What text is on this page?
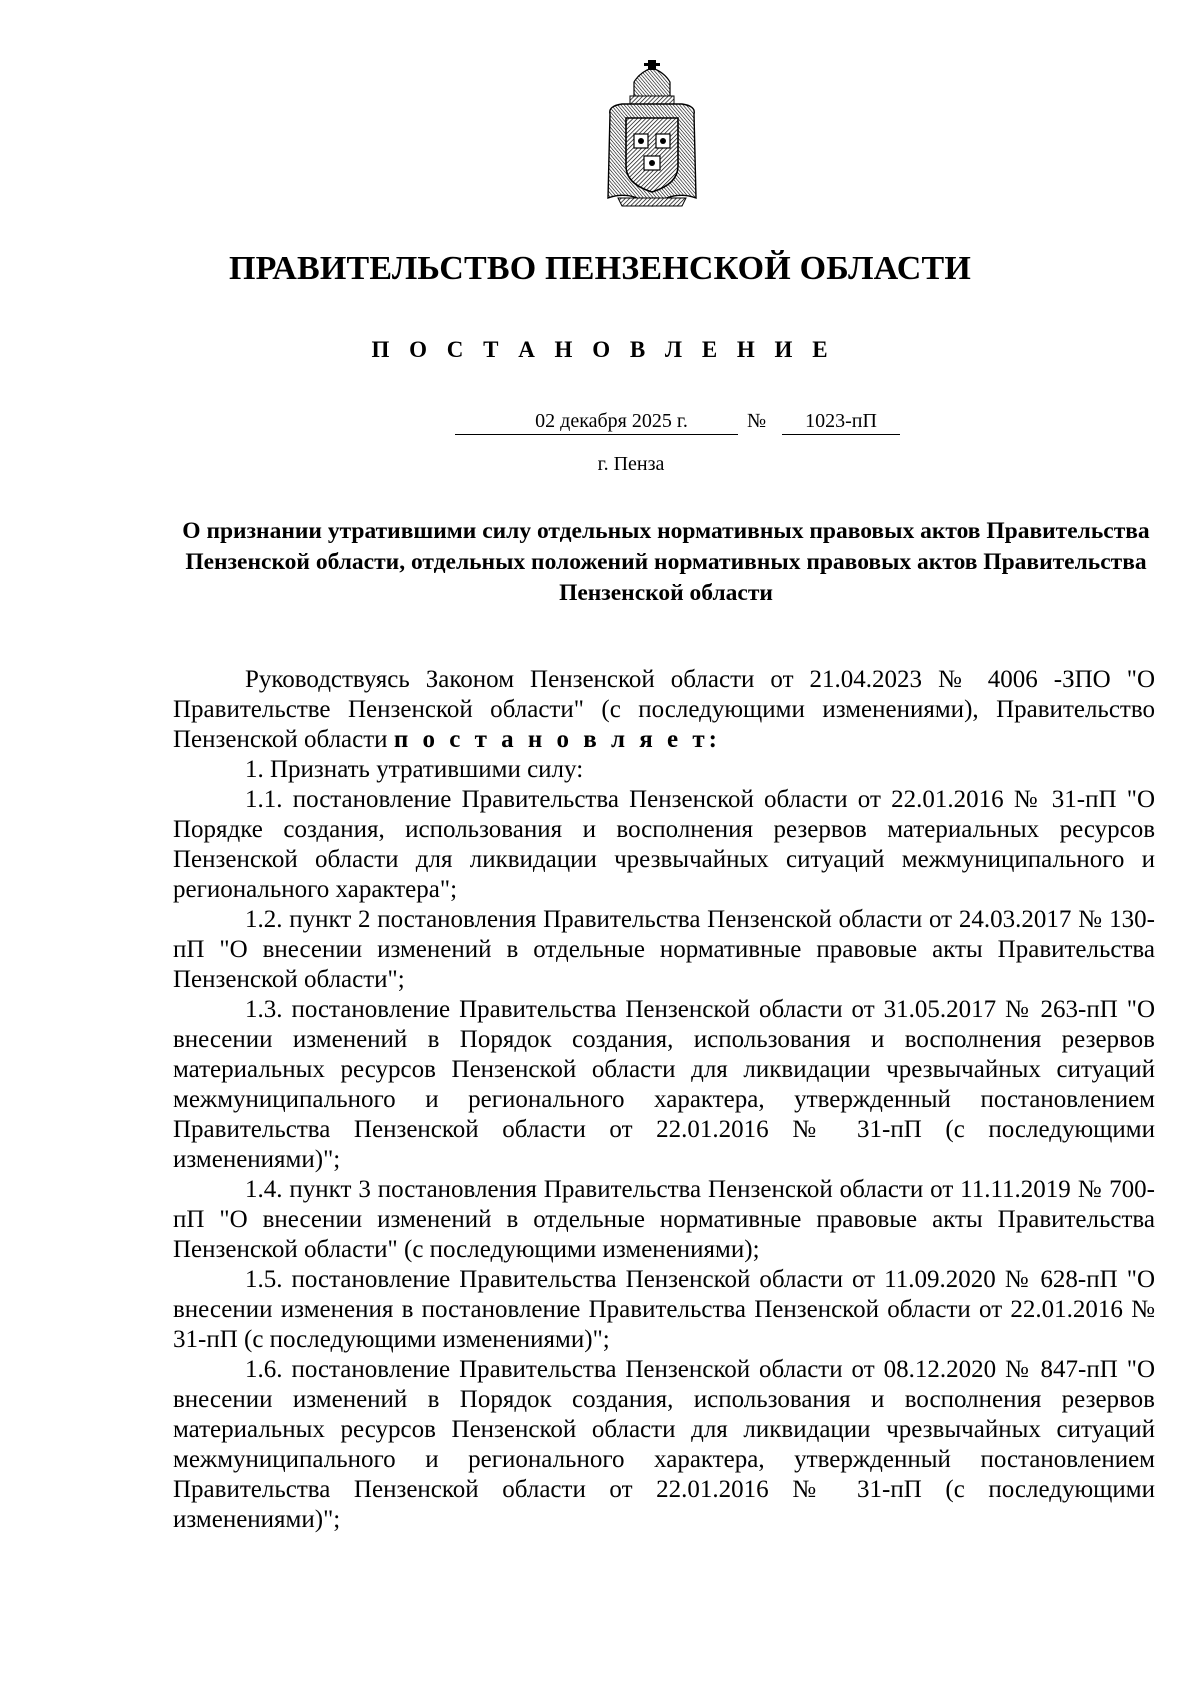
ПРАВИТЕЛЬСТВО ПЕНЗЕНСКОЙ ОБЛАСТИ
П О С Т А Н О В Л Е Н И Е
02 декабря 2025 г.	№	1023-пП
г. Пенза
О признании утратившими силу отдельных нормативных правовых актов Правительства Пензенской области, отдельных положений нормативных правовых актов Правительства Пензенской области

Руководствуясь Законом Пензенской области от 21.04.2023 № 4006 -ЗПО "О Правительстве Пензенской области" (с последующими изменениями), Правительство Пензенской области п о с т а н о в л я е т:

1. Признать утратившими силу:

1.1. постановление Правительства Пензенской области от 22.01.2016 № 31-пП "О Порядке создания, использования и восполнения резервов материальных ресурсов Пензенской области для ликвидации чрезвычайных ситуаций межмуниципального и регионального характера";

1.2. пункт 2 постановления Правительства Пензенской области от 24.03.2017 № 130-пП "О внесении изменений в отдельные нормативные правовые акты Правительства Пензенской области";

1.3. постановление Правительства Пензенской области от 31.05.2017 № 263-пП "О внесении изменений в Порядок создания, использования и восполнения резервов материальных ресурсов Пензенской области для ликвидации чрезвычайных ситуаций межмуниципального и регионального характера, утвержденный постановлением Правительства Пензенской области от 22.01.2016 № 31-пП (с последующими изменениями)";

1.4. пункт 3 постановления Правительства Пензенской области от 11.11.2019 № 700-пП "О внесении изменений в отдельные нормативные правовые акты Правительства Пензенской области" (с последующими изменениями);

1.5. постановление Правительства Пензенской области от 11.09.2020 № 628-пП "О внесении изменения в постановление Правительства Пензенской области от 22.01.2016 № 31-пП (с последующими изменениями)";

1.6. постановление Правительства Пензенской области от 08.12.2020 № 847-пП "О внесении изменений в Порядок создания, использования и восполнения резервов материальных ресурсов Пензенской области для ликвидации чрезвычайных ситуаций межмуниципального и регионального характера, утвержденный постановлением Правительства Пензенской области от 22.01.2016 № 31-пП (с последующими изменениями)";
